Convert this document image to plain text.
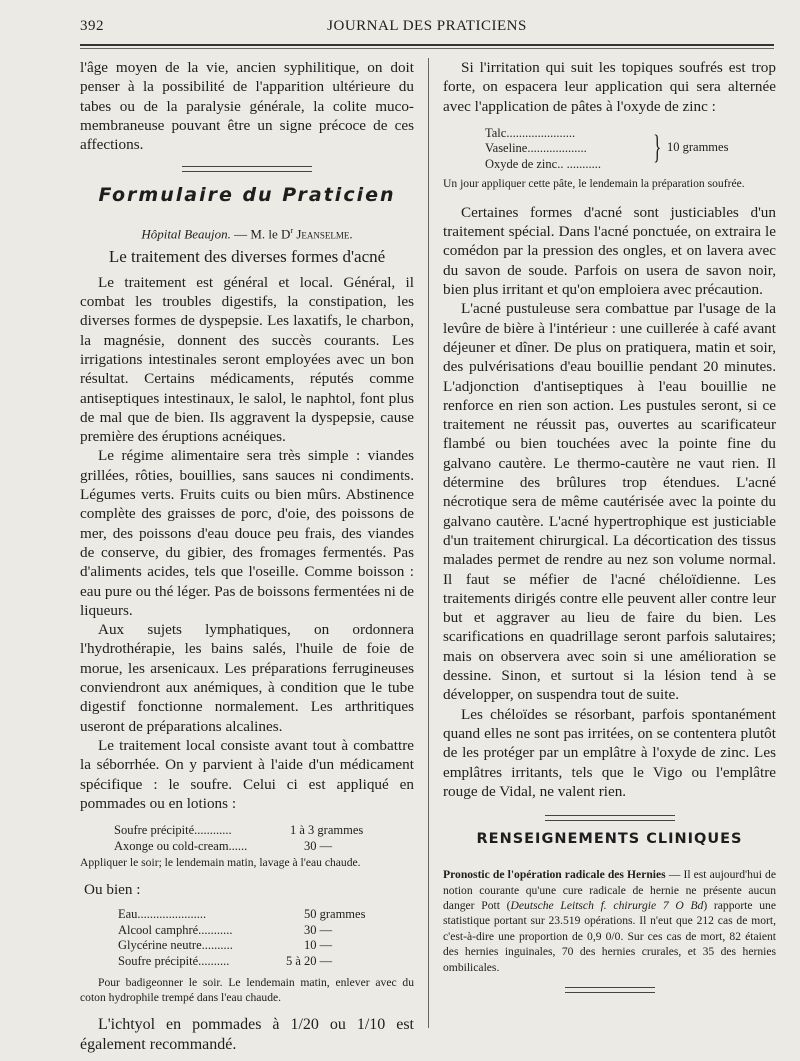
392	JOURNAL DES PRATICIENS

l'âge moyen de la vie, ancien syphilitique, on doit penser à la possibilité de l'apparition ultérieure du tabes ou de la paralysie générale, la colite muco-membraneuse pouvant être un signe précoce de ces affections.

Formulaire du Praticien
Hôpital Beaujon. — M. le $D^r$ Jeanselme.
Le traitement des diverses formes d'acné

Le traitement est général et local. Général, il combat les troubles digestifs, la constipation, les diverses formes de dyspepsie. Les laxatifs, le charbon, la magnésie, donnent des succès courants. Les irrigations intestinales seront employées avec un bon résultat. Certains médicaments, réputés comme antiseptiques intestinaux, le salol, le naphtol, font plus de mal que de bien. Ils aggravent la dyspepsie, cause première des éruptions acnéiques.

Le régime alimentaire sera très simple : viandes grillées, rôties, bouillies, sans sauces ni condiments. Légumes verts. Fruits cuits ou bien mûrs. Abstinence complète des graisses de porc, d'oie, des poissons de mer, des poissons d'eau douce peu frais, des viandes de conserve, du gibier, des fromages fermentés. Pas d'aliments acides, tels que l'oseille. Comme boisson : eau pure ou thé léger. Pas de boissons fermentées ni de liqueurs.

Aux sujets lymphatiques, on ordonnera l'hydrothérapie, les bains salés, l'huile de foie de morue, les arsenicaux. Les préparations ferrugineuses conviendront aux anémiques, à condition que le tube digestif fonctionne normalement. Les arthritiques useront de préparations alcalines.

Le traitement local consiste avant tout à combattre la séborrhée. On y parvient à l'aide d'un médicament spécifique : le soufre. Celui ci est appliqué en pommades ou en lotions :

Soufre précipité............	1 à 3 grammes
Axonge ou cold-cream......	30 —

Appliquer le soir; le lendemain matin, lavage à l'eau chaude.

Ou bien :

Eau......................	50 grammes
Alcool camphré...........	30 —
Glycérine neutre..........	10 —
Soufre précipité..........	5 à 20 —

Pour badigeonner le soir. Le lendemain matin, enlever avec du coton hydrophile trempé dans l'eau chaude.

L'ichtyol en pommades à 1/20 ou 1/10 est également recommandé.

Si l'irritation qui suit les topiques soufrés est trop forte, on espacera leur application qui sera alternée avec l'application de pâtes à l'oxyde de zinc :

Talc......................
Vaseline...................
Oxyde de zinc.. ........... } 10 grammes

Un jour appliquer cette pâte, le lendemain la préparation soufrée.

Certaines formes d'acné sont justiciables d'un traitement spécial. Dans l'acné ponctuée, on extraira le comédon par la pression des ongles, et on lavera avec du savon de soude. Parfois on usera de savon noir, bien plus irritant et qu'on emploiera avec précaution.

L'acné pustuleuse sera combattue par l'usage de la levûre de bière à l'intérieur : une cuillerée à café avant déjeuner et dîner. De plus on pratiquera, matin et soir, des pulvérisations d'eau bouillie pendant 20 minutes. L'adjonction d'antiseptiques à l'eau bouillie ne renforce en rien son action. Les pustules seront, si ce traitement ne réussit pas, ouvertes au scarificateur flambé ou bien touchées avec la pointe fine du galvano cautère. Le thermo-cautère ne vaut rien. Il détermine des brûlures trop étendues. L'acné nécrotique sera de même cautérisée avec la pointe du galvano cautère. L'acné hypertrophique est justiciable d'un traitement chirurgical. La décortication des tissus malades permet de rendre au nez son volume normal. Il faut se méfier de l'acné chéloïdienne. Les traitements dirigés contre elle peuvent aller contre leur but et aggraver au lieu de faire du bien. Les scarifications en quadrillage seront parfois salutaires; mais on observera avec soin si une amélioration se dessine. Sinon, et surtout si la lésion tend à se développer, on suspendra tout de suite.

Les chéloïdes se résorbant, parfois spontanément quand elles ne sont pas irritées, on se contentera plutôt de les protéger par un emplâtre à l'oxyde de zinc. Les emplâtres irritants, tels que le Vigo ou l'emplâtre rouge de Vidal, ne valent rien.

RENSEIGNEMENTS CLINIQUES

Pronostic de l'opération radicale des Hernies — Il est aujourd'hui de notion courante qu'une cure radicale de hernie ne présente aucun danger Pott (Deutsche Leitsch f. chirurgie 7 O Bd) rapporte une statistique portant sur 23.519 opérations. Il n'eut que 212 cas de mort, c'est-à-dire une proportion de 0,9 0/0. Sur ces cas de mort, 82 étaient des hernies inguinales, 70 des hernies crurales, et 35 des hernies ombilicales.
